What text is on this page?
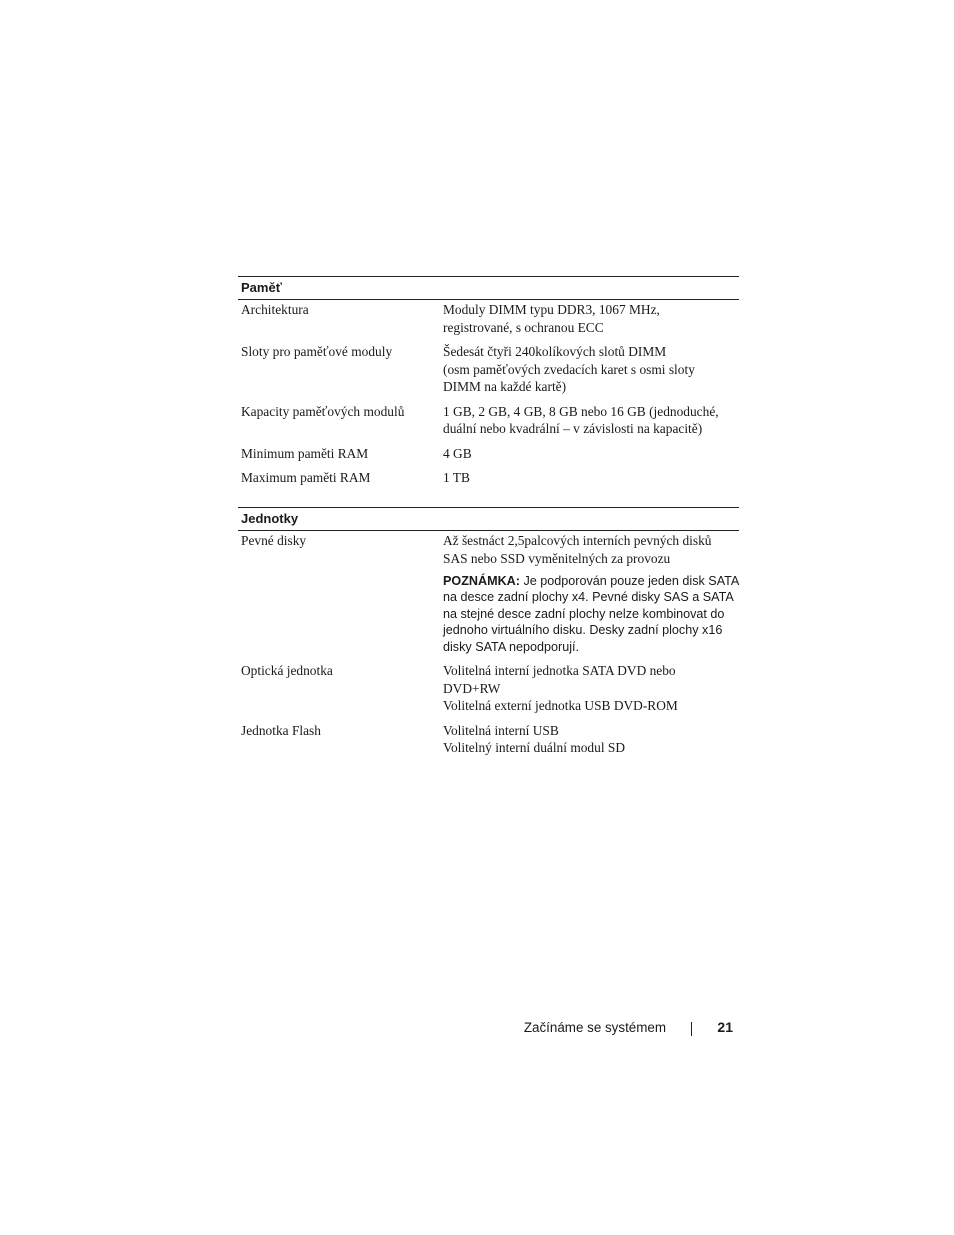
Paměť
Architektura	Moduly DIMM typu DDR3, 1067 MHz,
registrované, s ochranou ECC
Sloty pro paměťové moduly	Šedesát čtyři 240kolíkových slotů DIMM
(osm paměťových zvedacích karet s osmi sloty
DIMM na každé kartě)
Kapacity paměťových modulů	1 GB, 2 GB, 4 GB, 8 GB nebo 16 GB (jednoduché,
duální nebo kvadrální – v závislosti na kapacitě)
Minimum paměti RAM	4 GB
Maximum paměti RAM	1 TB
Jednotky
Pevné disky	Až šestnáct 2,5palcových interních pevných disků
SAS nebo SSD vyměnitelných za provozu
POZNÁMKA: Je podporován pouze jeden disk SATA na desce zadní plochy x4. Pevné disky SAS a SATA na stejné desce zadní plochy nelze kombinovat do jednoho virtuálního disku. Desky zadní plochy x16 disky SATA nepodporují.
Optická jednotka	Volitelná interní jednotka SATA DVD nebo
DVD+RW
Volitelná externí jednotka USB DVD-ROM
Jednotka Flash	Volitelná interní USB
Volitelný interní duální modul SD
Začínáme se systémem	21
